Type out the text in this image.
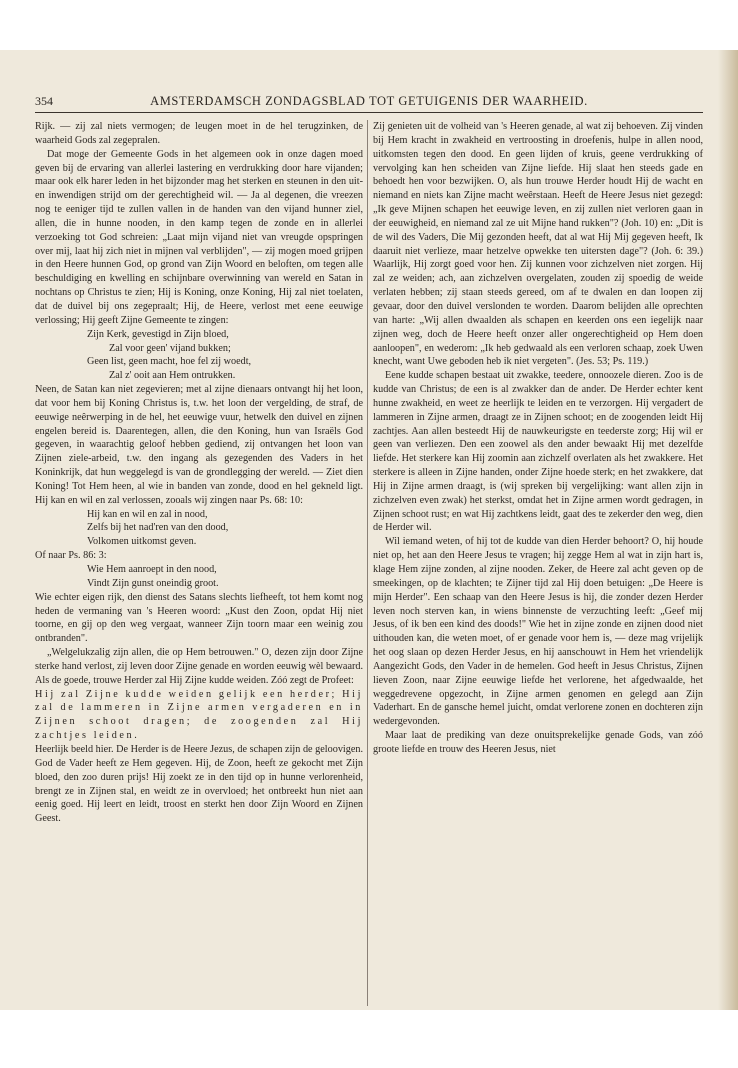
354	AMSTERDAMSCH ZONDAGSBLAD TOT GETUIGENIS DER WAARHEID.

Rijk. — zij zal niets vermogen; de leugen moet in de hel terugzinken, de waarheid Gods zal zegepralen.

Dat moge der Gemeente Gods in het algemeen ook in onze dagen moed geven bij de ervaring van allerlei lastering en verdrukking door hare vijanden; maar ook elk harer leden in het bijzonder mag het sterken en steunen in den uit- en inwendigen strijd om der gerechtigheid wil. — Ja al degenen, die vreezen nog te eeniger tijd te zullen vallen in de handen van den vijand hunner ziel, allen, die in hunne nooden, in den kamp tegen de zonde en in allerlei verzoeking tot God schreien: „Laat mijn vijand niet van vreugde opspringen over mij, laat hij zich niet in mijnen val verblijden", — zij mogen moed grijpen in den Heere hunnen God, op grond van Zijn Woord en beloften, om tegen alle beschuldiging en kwelling en schijnbare overwinning van wereld en Satan in nochtans op Christus te zien; Hij is Koning, onze Koning, Hij zal niet toelaten, dat de duivel bij ons zegepraalt; Hij, de Heere, verlost met eene eeuwige verlossing; Hij geeft Zijne Gemeente te zingen:

Zijn Kerk, gevestigd in Zijn bloed,

Zal voor geen' vijand bukken;

Geen list, geen macht, hoe fel zij woedt,

Zal z' ooit aan Hem ontrukken.

Neen, de Satan kan niet zegevieren; met al zijne dienaars ontvangt hij het loon, dat voor hem bij Koning Christus is, t.w. het loon der vergelding, de straf, de eeuwige neêrwerping in de hel, het eeuwige vuur, hetwelk den duivel en zijnen engelen bereid is. Daarentegen, allen, die den Koning, hun van Israëls God gegeven, in waarachtig geloof hebben gediend, zij ontvangen het loon van Zijnen ziele-arbeid, t.w. den ingang als gezegenden des Vaders in het Koninkrijk, dat hun weggelegd is van de grondlegging der wereld. — Ziet dien Koning! Tot Hem heen, al wie in banden van zonde, dood en hel gekneld ligt. Hij kan en wil en zal verlossen, zooals wij zingen naar Ps. 68: 10:

Hij kan en wil en zal in nood,

Zelfs bij het nad'ren van den dood,

Volkomen uitkomst geven.

Of naar Ps. 86: 3:

Wie Hem aanroept in den nood,

Vindt Zijn gunst oneindig groot.

Wie echter eigen rijk, den dienst des Satans slechts liefheeft, tot hem komt nog heden de vermaning van 's Heeren woord: „Kust den Zoon, opdat Hij niet toorne, en gij op den weg vergaat, wanneer Zijn toorn maar een weinig zou ontbranden".

„Welgelukzalig zijn allen, die op Hem betrouwen." O, dezen zijn door Zijne sterke hand verlost, zij leven door Zijne genade en worden eeuwig wèl bewaard. Als de goede, trouwe Herder zal Hij Zijne kudde weiden. Zóó zegt de Profeet:

Hij zal Zijne kudde weiden gelijk een herder; Hij zal de lammeren in Zijne armen vergaderen en in Zijnen schoot dragen; de zoogenden zal Hij zachtjes leiden.

Heerlijk beeld hier. De Herder is de Heere Jezus, de schapen zijn de geloovigen. God de Vader heeft ze Hem gegeven. Hij, de Zoon, heeft ze gekocht met Zijn bloed, den zoo duren prijs! Hij zoekt ze in den tijd op in hunne verlorenheid, brengt ze in Zijnen stal, en weidt ze in overvloed; het ontbreekt hun niet aan eenig goed. Hij leert en leidt, troost en sterkt hen door Zijn Woord en Zijnen Geest.

Zij genieten uit de volheid van 's Heeren genade, al wat zij behoeven. Zij vinden bij Hem kracht in zwakheid en vertroosting in droefenis, hulpe in allen nood, uitkomsten tegen den dood. En geen lijden of kruis, geene verdrukking of vervolging kan hen scheiden van Zijne liefde. Hij slaat hen steeds gade en behoedt hen voor bezwijken. O, als hun trouwe Herder houdt Hij de wacht en niemand en niets kan Zijne macht weêrstaan. Heeft de Heere Jesus niet gezegd: „Ik geve Mijnen schapen het eeuwige leven, en zij zullen niet verloren gaan in der eeuwigheid, en niemand zal ze uit Mijne hand rukken"? (Joh. 10) en: „Dit is de wil des Vaders, Die Mij gezonden heeft, dat al wat Hij Mij gegeven heeft, Ik daaruit niet verlieze, maar hetzelve opwekke ten uitersten dage"? (Joh. 6: 39.) Waarlijk, Hij zorgt goed voor hen. Zij kunnen voor zichzelven niet zorgen. Hij zal ze weiden; ach, aan zichzelven overgelaten, zouden zij spoedig de weide verlaten hebben; zij staan steeds gereed, om af te dwalen en dan loopen zij gevaar, door den duivel verslonden te worden. Daarom belijden alle oprechten van harte: „Wij allen dwaalden als schapen en keerden ons een iegelijk naar zijnen weg, doch de Heere heeft onzer aller ongerechtigheid op Hem doen aanloopen", en wederom: „Ik heb gedwaald als een verloren schaap, zoek Uwen knecht, want Uwe geboden heb ik niet vergeten". (Jes. 53; Ps. 119.)

Eene kudde schapen bestaat uit zwakke, teedere, onnoozele dieren. Zoo is de kudde van Christus; de een is al zwakker dan de ander. De Herder echter kent hunne zwakheid, en weet ze heerlijk te leiden en te verzorgen. Hij vergadert de lammeren in Zijne armen, draagt ze in Zijnen schoot; en de zoogenden leidt Hij zachtjes. Aan allen besteedt Hij de nauwkeurigste en teederste zorg; Hij wil er geen van verliezen. Den een zoowel als den ander bewaakt Hij met dezelfde liefde. Het sterkere kan Hij zoomin aan zichzelf overlaten als het zwakkere. Het sterkere is alleen in Zijne handen, onder Zijne hoede sterk; en het zwakkere, dat Hij in Zijne armen draagt, is (wij spreken bij vergelijking: want allen zijn in zichzelven even zwak) het sterkst, omdat het in Zijne armen wordt gedragen, in Zijnen schoot rust; en wat Hij zachtkens leidt, gaat des te zekerder den weg, dien de Herder wil.

Wil iemand weten, of hij tot de kudde van dien Herder behoort? O, hij houde niet op, het aan den Heere Jesus te vragen; hij zegge Hem al wat in zijn hart is, klage Hem zijne zonden, al zijne nooden. Zeker, de Heere zal acht geven op de smeekingen, op de klachten; te Zijner tijd zal Hij doen betuigen: „De Heere is mijn Herder". Een schaap van den Heere Jesus is hij, die zonder dezen Herder leven noch sterven kan, in wiens binnenste de verzuchting leeft: „Geef mij Jesus, of ik ben een kind des doods!" Wie het in zijne zonde en zijnen dood niet uithouden kan, die weten moet, of er genade voor hem is, — deze mag vrijelijk het oog slaan op dezen Herder Jesus, en hij aanschouwt in Hem het vriendelijk Aangezicht Gods, den Vader in de hemelen. God heeft in Jesus Christus, Zijnen lieven Zoon, naar Zijne eeuwige liefde het verlorene, het afgedwaalde, het weggedrevene opgezocht, in Zijne armen genomen en gelegd aan Zijn Vaderhart. En de gansche hemel juicht, omdat verlorene zonen en dochteren zijn wedergevonden.

Maar laat de prediking van deze onuitsprekelijke genade Gods, van zóó groote liefde en trouw des Heeren Jesus, niet
